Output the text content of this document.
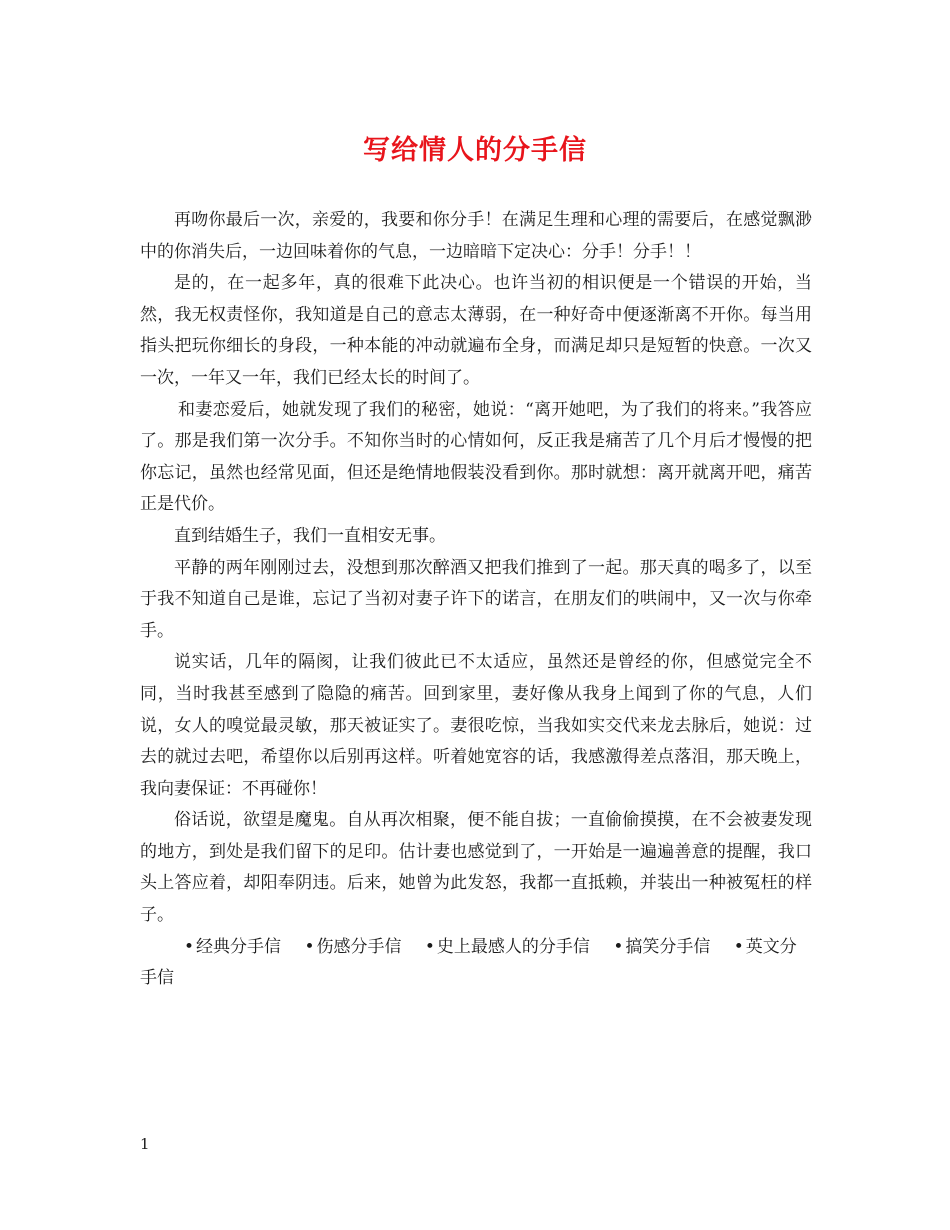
写给情人的分手信

再吻你最后一次，亲爱的，我要和你分手！在满足生理和心理的需要后，在感觉飘渺中的你消失后，一边回味着你的气息，一边暗暗下定决心：分手！分手！！

是的，在一起多年，真的很难下此决心。也许当初的相识便是一个错误的开始，当然，我无权责怪你，我知道是自己的意志太薄弱，在一种好奇中便逐渐离不开你。每当用指头把玩你细长的身段，一种本能的冲动就遍布全身，而满足却只是短暂的快意。一次又一次，一年又一年，我们已经太长的时间了。

和妻恋爱后，她就发现了我们的秘密，她说：“离开她吧，为了我们的将来。”我答应了。那是我们第一次分手。不知你当时的心情如何，反正我是痛苦了几个月后才慢慢的把你忘记，虽然也经常见面，但还是绝情地假装没看到你。那时就想：离开就离开吧，痛苦正是代价。

直到结婚生子，我们一直相安无事。

平静的两年刚刚过去，没想到那次醉酒又把我们推到了一起。那天真的喝多了，以至于我不知道自己是谁，忘记了当初对妻子许下的诺言，在朋友们的哄闹中，又一次与你牵手。

说实话，几年的隔阂，让我们彼此已不太适应，虽然还是曾经的你，但感觉完全不同，当时我甚至感到了隐隐的痛苦。回到家里，妻好像从我身上闻到了你的气息，人们说，女人的嗅觉最灵敏，那天被证实了。妻很吃惊，当我如实交代来龙去脉后，她说：过去的就过去吧，希望你以后别再这样。听着她宽容的话，我感激得差点落泪，那天晚上，我向妻保证：不再碰你！

俗话说，欲望是魔鬼。自从再次相聚，便不能自拔；一直偷偷摸摸，在不会被妻发现的地方，到处是我们留下的足印。估计妻也感觉到了，一开始是一遍遍善意的提醒，我口头上答应着，却阳奉阴违。后来，她曾为此发怒，我都一直抵赖，并装出一种被冤枉的样子。

• 经典分手信 • 伤感分手信 • 史上最感人的分手信 • 搞笑分手信 • 英文分手信

1
